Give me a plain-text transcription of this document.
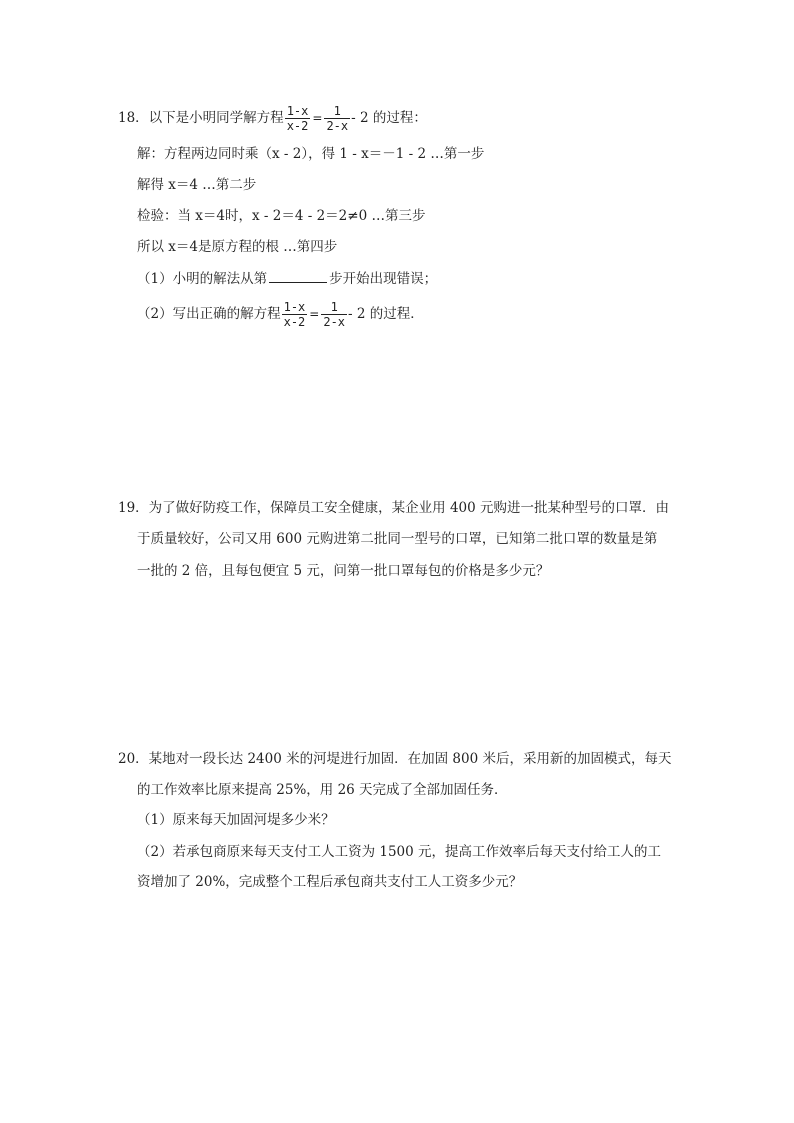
18．以下是小明同学解方程 $\frac{1-x}{x-2} = \frac{1}{2-x} - 2$ 的过程：
解：方程两边同时乘（x - 2），得 1 - x＝－1 - 2 …第一步
解得 x＝4 …第二步
检验：当 x＝4时，x - 2＝4 - 2＝2≠0 …第三步
所以 x＝4是原方程的根 …第四步
（1）小明的解法从第	步开始出现错误；
（2）写出正确的解方程 $\frac{1-x}{x-2} = \frac{1}{2-x} - 2$ 的过程．
19．为了做好防疫工作，保障员工安全健康，某企业用 400 元购进一批某种型号的口罩．由
于质量较好，公司又用 600 元购进第二批同一型号的口罩，已知第二批口罩的数量是第
一批的 2 倍，且每包便宜 5 元，问第一批口罩每包的价格是多少元？
20．某地对一段长达 2400 米的河堤进行加固．在加固 800 米后，采用新的加固模式，每天
的工作效率比原来提高 25%，用 26 天完成了全部加固任务．
（1）原来每天加固河堤多少米？
（2）若承包商原来每天支付工人工资为 1500 元，提高工作效率后每天支付给工人的工
资增加了 20%，完成整个工程后承包商共支付工人工资多少元？
